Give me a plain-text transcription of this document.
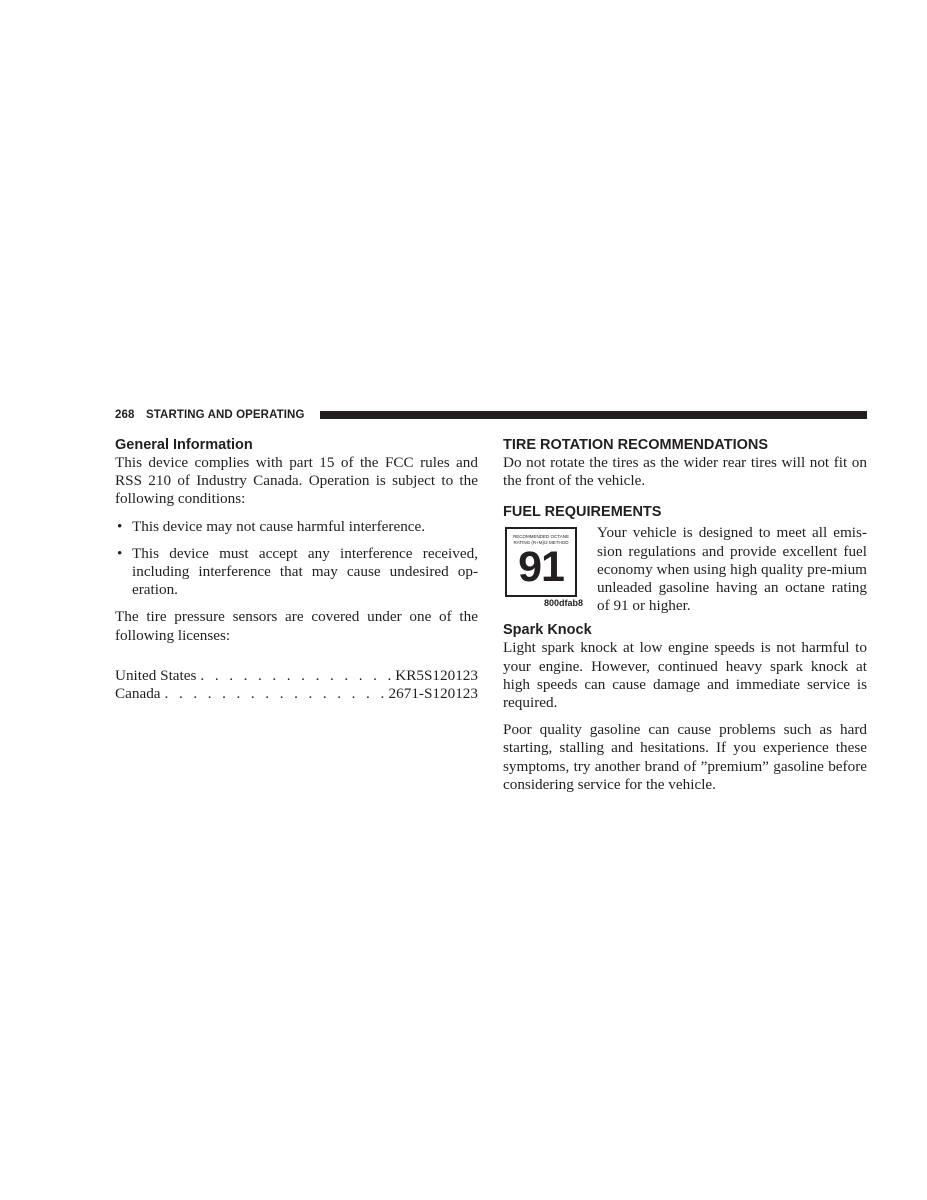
268 STARTING AND OPERATING
General Information

This device complies with part 15 of the FCC rules and RSS 210 of Industry Canada. Operation is subject to the following conditions:

• This device may not cause harmful interference.
• This device must accept any interference received, including interference that may cause undesired op-eration.

The tire pressure sensors are covered under one of the following licenses:

United States . . .	KR5S120123
Canada . . .	2671-S120123
TIRE ROTATION RECOMMENDATIONS

Do not rotate the tires as the wider rear tires will not fit on the front of the vehicle.

FUEL REQUIREMENTS
RECOMMENDED OCTANE RATING (R+M)/2 METHOD
91
800dfab8

Your vehicle is designed to meet all emis-sion regulations and provide excellent fuel economy when using high quality pre-mium unleaded gasoline having an octane rating of 91 or higher.

Spark Knock

Light spark knock at low engine speeds is not harmful to your engine. However, continued heavy spark knock at high speeds can cause damage and immediate service is required.

Poor quality gasoline can cause problems such as hard starting, stalling and hesitations. If you experience these symptoms, try another brand of ”premium” gasoline before considering service for the vehicle.
